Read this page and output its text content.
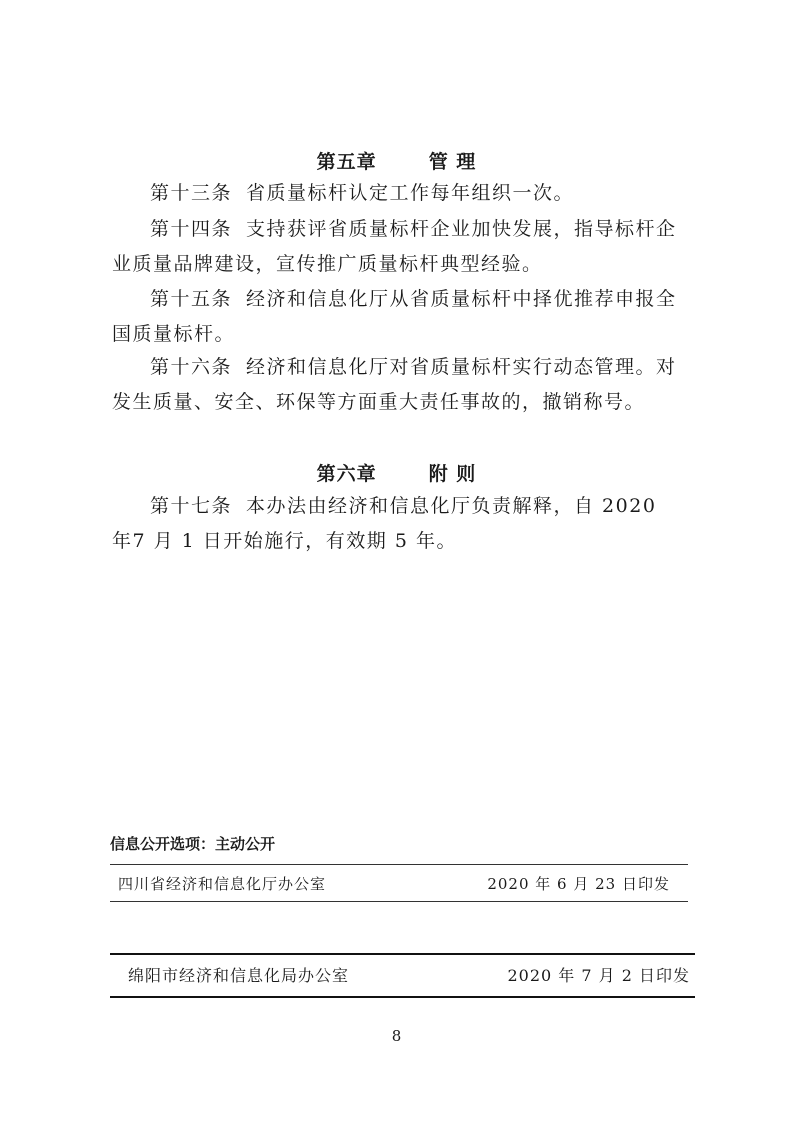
第五章	管 理

第十三条 省质量标杆认定工作每年组织一次。

第十四条 支持获评省质量标杆企业加快发展，指导标杆企业质量品牌建设，宣传推广质量标杆典型经验。

第十五条 经济和信息化厅从省质量标杆中择优推荐申报全国质量标杆。

第十六条 经济和信息化厅对省质量标杆实行动态管理。对发生质量、安全、环保等方面重大责任事故的，撤销称号。

第六章	附 则

第十七条 本办法由经济和信息化厅负责解释，自 2020 年7 月 1 日开始施行，有效期 5 年。

信息公开选项：主动公开
四川省经济和信息化厅办公室	2020 年 6 月 23 日印发
绵阳市经济和信息化局办公室	2020 年 7 月 2 日印发
8
